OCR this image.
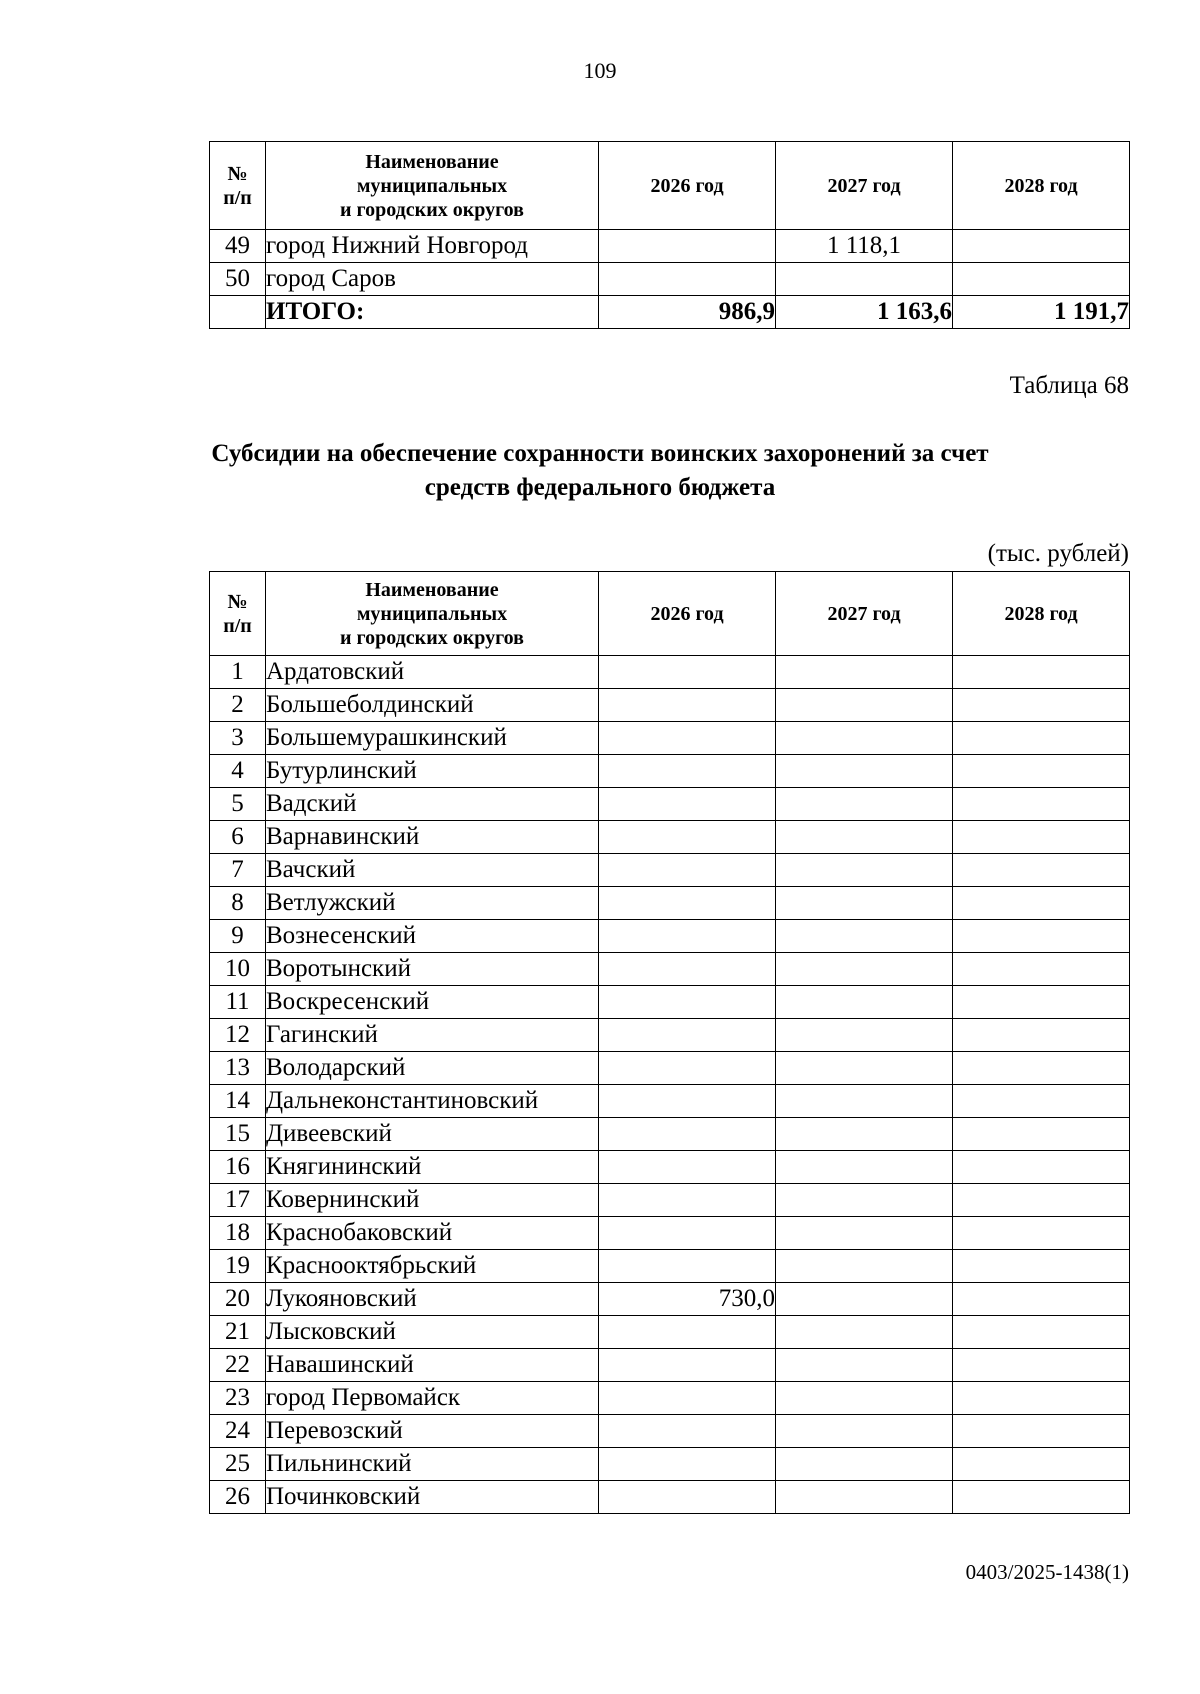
109
№
п/п	Наименование
муниципальных
и городских округов	2026 год	2027 год	2028 год
49	город Нижний Новгород		1 118,1	
50	город Саров			
	ИТОГО:	986,9	1 163,6	1 191,7
Таблица 68
Субсидии на обеспечение сохранности воинских захоронений за счет
средств федерального бюджета
(тыс. рублей)
№
п/п	Наименование
муниципальных
и городских округов	2026 год	2027 год	2028 год
1	Ардатовский			
2	Большеболдинский			
3	Большемурашкинский			
4	Бутурлинский			
5	Вадский			
6	Варнавинский			
7	Вачский			
8	Ветлужский			
9	Вознесенский			
10	Воротынский			
11	Воскресенский			
12	Гагинский			
13	Володарский			
14	Дальнеконстантиновский			
15	Дивеевский			
16	Княгининский			
17	Ковернинский			
18	Краснобаковский			
19	Краснооктябрьский			
20	Лукояновский	730,0		
21	Лысковский			
22	Навашинский			
23	город Первомайск			
24	Перевозский			
25	Пильнинский			
26	Починковский			
0403/2025-1438(1)
